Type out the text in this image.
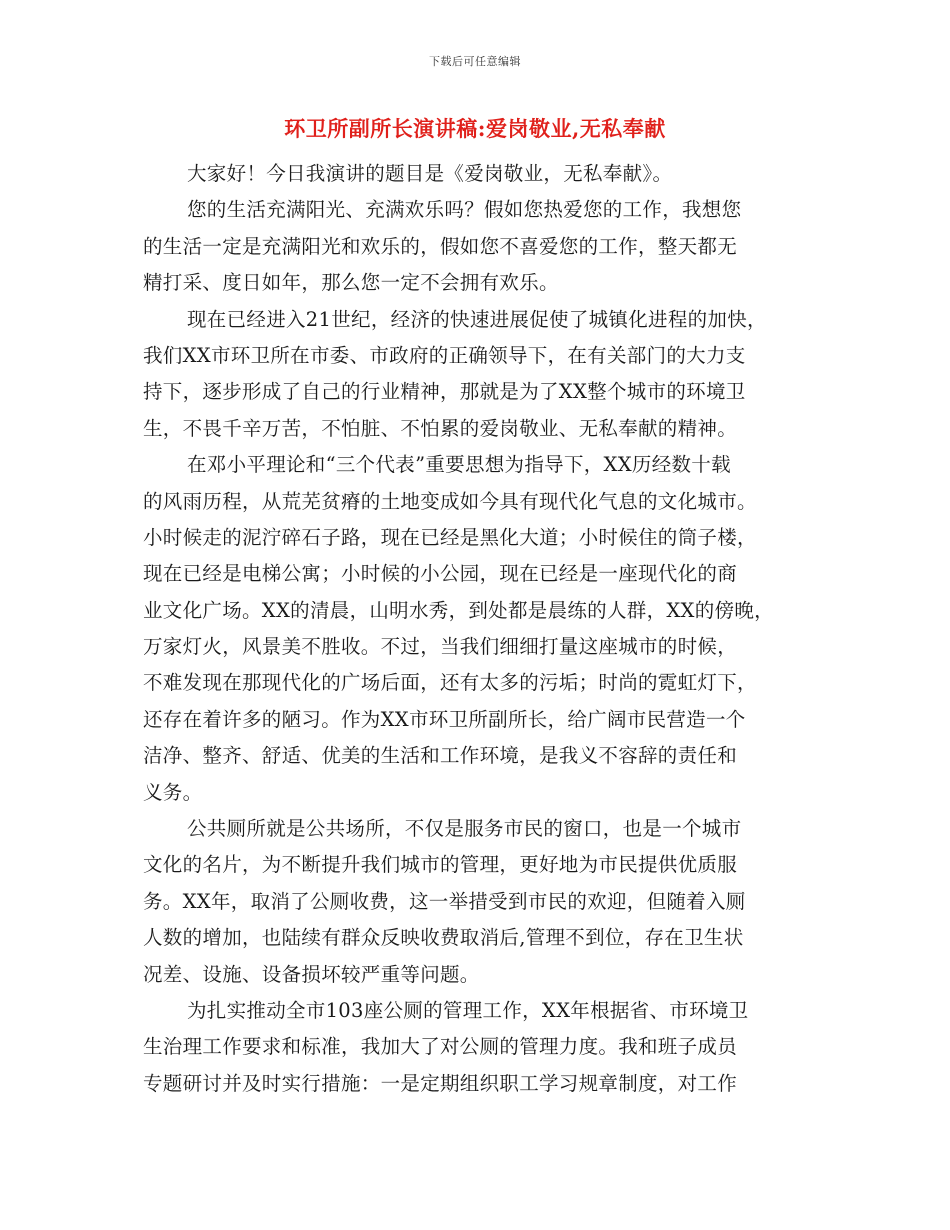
下载后可任意编辑
环卫所副所长演讲稿:爱岗敬业,无私奉献
大家好！今日我演讲的题目是《爱岗敬业，无私奉献》。
您的生活充满阳光、充满欢乐吗？假如您热爱您的工作，我想您
的生活一定是充满阳光和欢乐的，假如您不喜爱您的工作，整天都无
精打采、度日如年，那么您一定不会拥有欢乐。
现在已经进入21世纪，经济的快速进展促使了城镇化进程的加快，
我们XX市环卫所在市委、市政府的正确领导下，在有关部门的大力支
持下，逐步形成了自己的行业精神，那就是为了XX整个城市的环境卫
生，不畏千辛万苦，不怕脏、不怕累的爱岗敬业、无私奉献的精神。
在邓小平理论和“三个代表”重要思想为指导下，XX历经数十载
的风雨历程，从荒芜贫瘠的土地变成如今具有现代化气息的文化城市。
小时候走的泥泞碎石子路，现在已经是黑化大道；小时候住的筒子楼，
现在已经是电梯公寓；小时候的小公园，现在已经是一座现代化的商
业文化广场。XX的清晨，山明水秀，到处都是晨练的人群，XX的傍晚，
万家灯火，风景美不胜收。不过，当我们细细打量这座城市的时候，
不难发现在那现代化的广场后面，还有太多的污垢；时尚的霓虹灯下，
还存在着许多的陋习。作为XX市环卫所副所长，给广阔市民营造一个
洁净、整齐、舒适、优美的生活和工作环境，是我义不容辞的责任和
义务。
公共厕所就是公共场所，不仅是服务市民的窗口，也是一个城市
文化的名片，为不断提升我们城市的管理，更好地为市民提供优质服
务。XX年，取消了公厕收费，这一举措受到市民的欢迎，但随着入厕
人数的增加，也陆续有群众反映收费取消后,管理不到位，存在卫生状
况差、设施、设备损坏较严重等问题。
为扎实推动全市103座公厕的管理工作，XX年根据省、市环境卫
生治理工作要求和标准，我加大了对公厕的管理力度。我和班子成员
专题研讨并及时实行措施：一是定期组织职工学习规章制度，对工作
